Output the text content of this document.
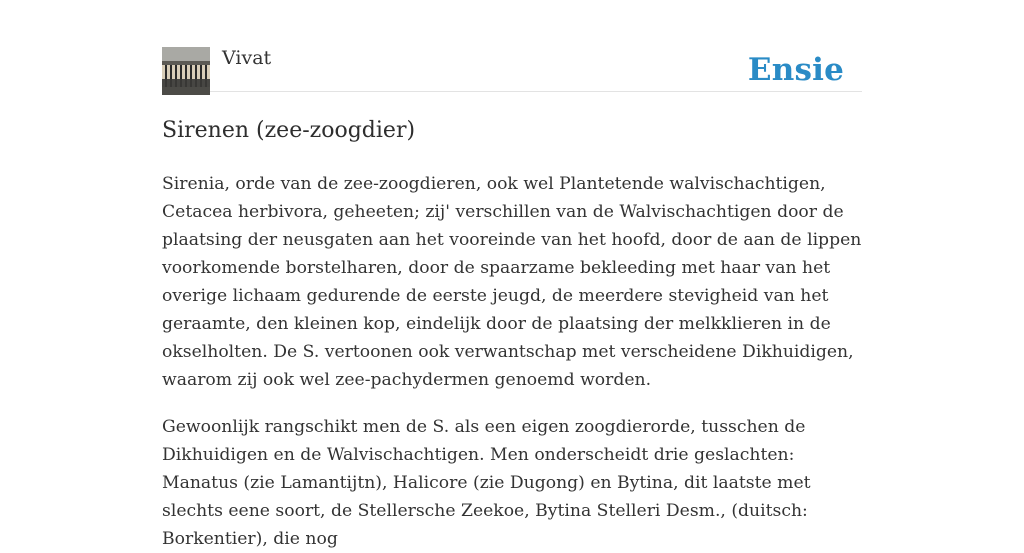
Vivat	Ensie
Sirenen (zee-zoogdier)

Sirenia, orde van de zee-zoogdieren, ook wel Plantetende walvischachtigen, Cetacea herbivora, geheeten; zij' verschillen van de Walvischachtigen door de plaatsing der neusgaten aan het vooreinde van het hoofd, door de aan de lippen voorkomende borstelharen, door de spaarzame bekleeding met haar van het overige lichaam gedurende de eerste jeugd, de meerdere stevigheid van het geraamte, den kleinen kop, eindelijk door de plaatsing der melkklieren in de okselholten. De S. vertoonen ook verwantschap met verscheidene Dikhuidigen, waarom zij ook wel zee-pachydermen genoemd worden.

Gewoonlijk rangschikt men de S. als een eigen zoogdierorde, tusschen de Dikhuidigen en de Walvischachtigen. Men onderscheidt drie geslachten: Manatus (zie Lamantijtn), Halicore (zie Dugong) en Bytina, dit laatste met slechts eene soort, de Stellersche Zeekoe, Bytina Stelleri Desm., (duitsch: Borkentier), die nog
